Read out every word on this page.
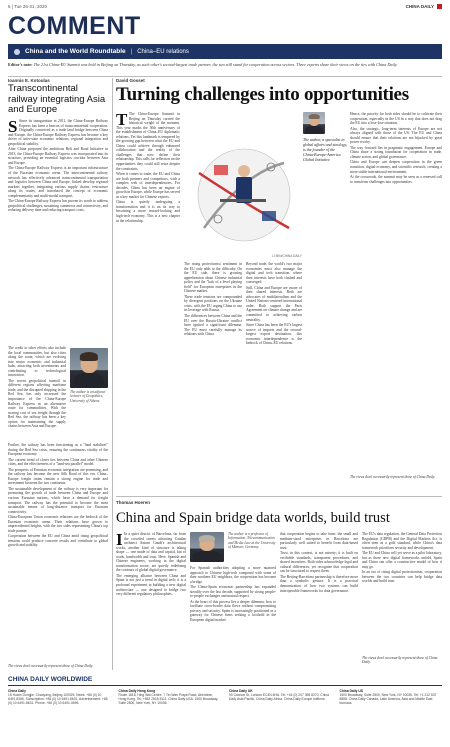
6 | Tue 26-31, 2020	CHINA DAILY
COMMENT
China and the World Roundtable | China–EU relations
Editor's note: The 21st China-EU Summit was held in Beijing on Thursday, as such other's second-largest trade partner, the two still stand for cooperation across sectors. Three experts share their views on the ties with China Daily.
Ioannis E. Kotoulas
Transcontinental railway integrating Asia and Europe

S Since its inauguration in 2011, the China-Europe Railway Express has been a beacon of transcontinental cooperation. Originally conceived as a trade land bridge between China and Europe, the China-Europe Railway Express has become a key driver of inter-state economic relations, regional integration and geopolitical stability.

After China proposed the ambitious Belt and Road Initiative in 2013, the China-Europe Railway Express was incorporated into its structure, providing an essential logistics corridor between Asia and Europe.

The China-Europe Railway Express is an important infrastructure of the Eurasian economic arena. The intercontinental railway network has effectively advanced transcontinental transportation and logistics between China and Europe, linked develop regional markets together, integrating various supply chains, restructure along its routes, and introduced the concept of economic complementarity and multi-modal transport.

The China-Europe Railway Express has proven its worth to address geopolitical challenges, sustaining commerce and connectivity, and reducing delivery time and reducing transport costs.

The credit to other efforts also include the local communities, but also cities along the route, which are evolving into major economic and industrial hubs, attracting both investments and contributing to technological innovation.

The recent geopolitical turmoil in different regions affecting maritime trade, and the disrupted shipping in the Red Sea, has only increased the importance of the China-Europe Railway Express as an alternative route for commodities. With the soaring cost of sea freight through the Red Sea, the railway has been a key option for maintaining the supply chains between Asia and Europe.

The author is an adjunct lecturer of Geopolitics, University of Athens.

Further, the railway has been functioning as a "land stabilizer" during the Red Sea crisis, ensuring the continuous vitality of the European economy.

The current trend of closer ties between China and other Chinese cities, and the effectiveness of a "land-sea parallel" model.

The prospects of Eurasian economic integration are promising, and the railway has become the new Silk Road of this era. China–Europe freight trains remain a strong engine for trade and investment between the two continents.

The sustainable development of the railway is very important for promoting the growth of trade between China and Europe and various Eurasian nations, which have a demand for freight transport. The railway has the potential to become the most sustainable means of long-distance transport for Eurasian connectivity.

China-European Union economic relations are the bedrock of the Eurasian economic arena. Their relations have grown to unprecedented heights, with the two sides representing China's top trade partner.

Cooperation between the EU and China amid rising geopolitical tensions could produce concrete results and contribute to global growth and stability.

The views don't necessarily represent those of China Daily.
David Gosset
Turning challenges into opportunities

T The China-Europe Summit in Beijing on Thursday carried the historical weight of the moment. This year marks the 50th anniversary of the establishment of China–EU diplomatic relations. Yet this landmark is tempered by the growing gap between what the EU and China could achieve through enhanced collaboration and the reality of the challenges that now define their relationship. This calls for reflection on the opportunities they could still seize despite the constraints.

When it comes to trade, the EU and China are both partners and competitors, with a complex web of interdependencies. For decades, China has been an engine of growth in Europe, while Europe has served as a key market for Chinese exports.

China is quietly undergoing a transformation and it is on its way to becoming a more inward-looking and high-tech economy. This is a new chapter in the relationship.

The author, a specialist in global affairs and sinology, is the founder of the China-Europe-America Global Initiative.
LI MIN/CHINA DAILY

The rising protectionist sentiment in the EU only adds to the difficulty. On the EU side, there is growing apprehension about Chinese industrial policy and the "lack of a level playing field" for European enterprises in the Chinese market.

These trade tensions are compounded by divergent positions on the Ukraine crisis, with the EU urging China to use its leverage with Russia.

The differences between China and the EU over the Russia-Ukraine conflict have ignited a significant dilemma. The EU must carefully manage its relations with China.

Beyond trade, the world's two major economies must also manage the digital and tech transition, where their interests have both clashed and converged.

Still, China and Europe are aware of their shared interests. Both are advocates of multilateralism and the United Nations-centered international order. Both support the Paris Agreement on climate change and are committed to achieving carbon neutrality.

Since China has been the EU's largest source of imports and the second-largest export destination, this economic interdependence is the bedrock of China–EU relations.

Hence, the priority for both sides should be to cultivate their cooperation, especially in the US in a way that does not drag the EU into a lose-lose situation.

Also, the strategic, long-term interests of Europe are not always aligned with those of the US. The EU and China should ensure that their relations are not hijacked by great power rivalry.

The way forward lies in pragmatic engagement. Europe and China share a strong foundation for cooperation in trade, climate action, and global governance.

China and Europe can deepen cooperation in the green transition, digital economy, and scientific research, creating a more stable international environment.

At the crossroads, the summit may be seen as a renewed call to transform challenges into opportunities.

The views don't necessarily represent those of China Daily.
Thomas Hoeren
China and Spain bridge data worlds, build trust

I In a quiet district of Barcelona, far from the crowded streets attracting Catalan architect Antoni Gaudí's architectural works, another kind of structure is taking shape — one made of data and capital, but of roads, bandwidth and trust. Here, Spanish and Chinese engineers, working in the digital transformation sector, are quietly redefining the contours of global digital governance.

The emerging alliance between China and Spain is not just a trend in digital tech; it is a profound experiment in building a new digital architecture — one designed to bridge two very different regulatory philosophies.

The author is a professor of Information, Telecommunication and Media Law at the University of Münster, Germany.

For Spanish authorities adopting a more nuanced approach to Chinese high-tech compared with some of their northern EU neighbors, the cooperation has become a bridge.

The China-Spain economic partnership has expanded steadily over the last decade, supported by strong people-to-people exchanges and mutual respect.

At the heart of this process lies a deeper dilemma: how to facilitate cross-border data flows without compromising privacy and security. Spain is increasingly positioned as a gateway for Chinese firms seeking a foothold in the European digital market.

that cooperation begins to take form: the small and medium-sized enterprises in Barcelona are particularly well suited to benefit from data-based trust.

Trust, in this context, is not naivety; it is built on verifiable standards, transparent procedures, and shared incentives. Both sides acknowledge legal and cultural differences, yet recognize that cooperation can be structured to respect them.

The Beijing-Barcelona partnership is therefore more than a symbolic gesture. It is a practical demonstration of how two systems can build interoperable frameworks for data governance.

The EU's data regulation, the General Data Protection Regulation (GDPR) and the Digital Markets Act, is often seen as a gold standard, while China's data framework prioritizes security and development.

The EU and China will yet serve as a pilot laboratory, but as these new digital frameworks unfold, Spain and China can offer a constructive model of how it may go.

In an era of rising digital protectionism, cooperation between the two countries can help bridge data worlds and build trust.

The views don't necessarily represent those of China Daily.
CHINA DAILY WORLDWIDE
China Daily
15 Huixin Dongjie, Chaoyang, Beijing 100029. News: +86 (0) 10 6491-8366. Subscription: +86 (0) 10 6491-8631. Advertisement: +86 (0) 10 6491-8631. Phone: +86 (0) 10 6491-0695.
China Daily Hong Kong
Room 1818, Hing Wai Centre, 7 Tin Wan Praya Road, Aberdeen, Hong Kong. Tel: +852 2518-5111. China Daily USA: 1500 Broadway, Suite 2800, New York, NY 10036.
China Daily UK
90 Cannon St, London EC4N 6HA. Tel: +44 (0) 207 398 8270. China Daily Asia Pacific, China Daily Africa, China Daily Europe editions.
China Daily US
1500 Broadway, Suite 2800, New York, NY 10036. Tel: +1 212 537 8888. China Daily Canada, Latin America, Asia and Middle East bureaus.
